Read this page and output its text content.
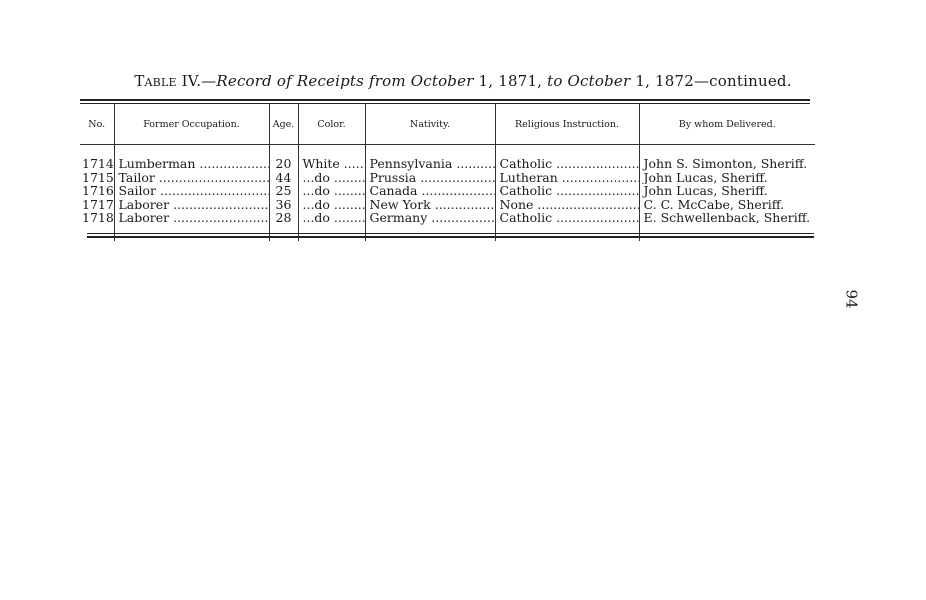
Table IV.—Record of Receipts from October 1, 1871, to October 1, 1872—continued.
No.	Former Occupation.	Age.	Color.	Nativity.	Religious Instruction.	By whom Delivered.

1714	Lumberman .....	20	White .....	Pennsylvania .....	Catholic .....	John S. Simonton, Sheriff.
1715	Tailor .....	44	...do .....	Prussia .....	Lutheran .....	John Lucas, Sheriff.
1716	Sailor .....	25	...do .....	Canada .....	Catholic .....	John Lucas, Sheriff.
1717	Laborer .....	36	...do .....	New York .....	None .....	C. C. McCabe, Sheriff.
1718	Laborer .....	28	...do .....	Germany .....	Catholic .....	E. Schwellenback, Sheriff.

94
